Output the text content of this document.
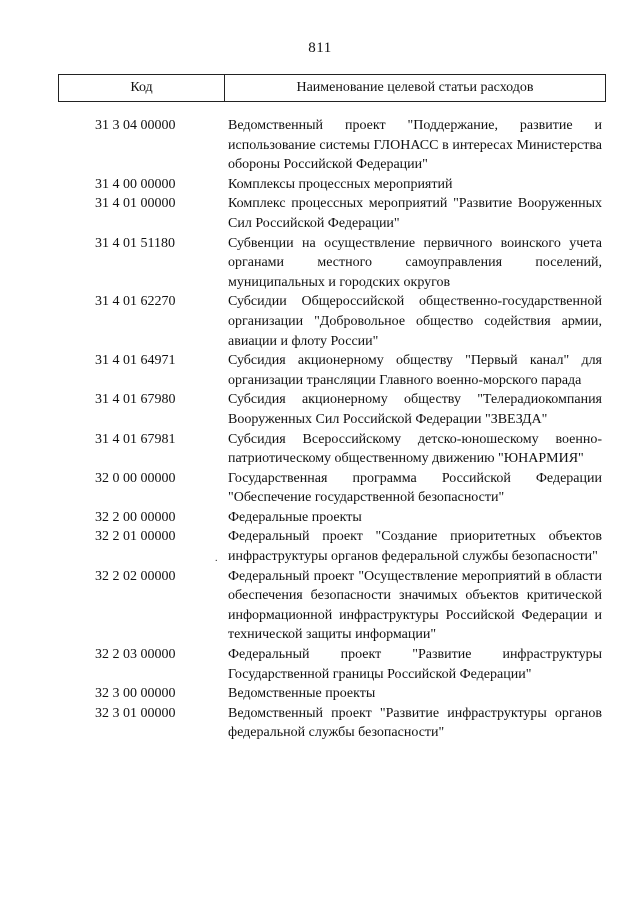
811
Код	Наименование целевой статьи расходов
.
31 3 04 00000	Ведомственный проект "Поддержание, развитие и использование системы ГЛОНАСС в интересах Министерства обороны Российской Федерации"
31 4 00 00000	Комплексы процессных мероприятий
31 4 01 00000	Комплекс процессных мероприятий "Развитие Вооруженных Сил Российской Федерации"
31 4 01 51180	Субвенции на осуществление первичного воинского учета органами местного самоуправления поселений, муниципальных и городских округов
31 4 01 62270	Субсидии Общероссийской общественно-государственной организации "Добровольное общество содействия армии, авиации и флоту России"
31 4 01 64971	Субсидия акционерному обществу "Первый канал" для организации трансляции Главного военно-морского парада
31 4 01 67980	Субсидия акционерному обществу "Телерадиокомпания Вооруженных Сил Российской Федерации "ЗВЕЗДА"
31 4 01 67981	Субсидия Всероссийскому детско-юношескому военно-патриотическому общественному движению "ЮНАРМИЯ"
32 0 00 00000	Государственная программа Российской Федерации "Обеспечение государственной безопасности"
32 2 00 00000	Федеральные проекты
32 2 01 00000	Федеральный проект "Создание приоритетных объектов инфраструктуры органов федеральной службы безопасности"
32 2 02 00000	Федеральный проект "Осуществление мероприятий в области обеспечения безопасности значимых объектов критической информационной инфраструктуры Российской Федерации и технической защиты информации"
32 2 03 00000	Федеральный проект "Развитие инфраструктуры Государственной границы Российской Федерации"
32 3 00 00000	Ведомственные проекты
32 3 01 00000	Ведомственный проект "Развитие инфраструктуры органов федеральной службы безопасности"
